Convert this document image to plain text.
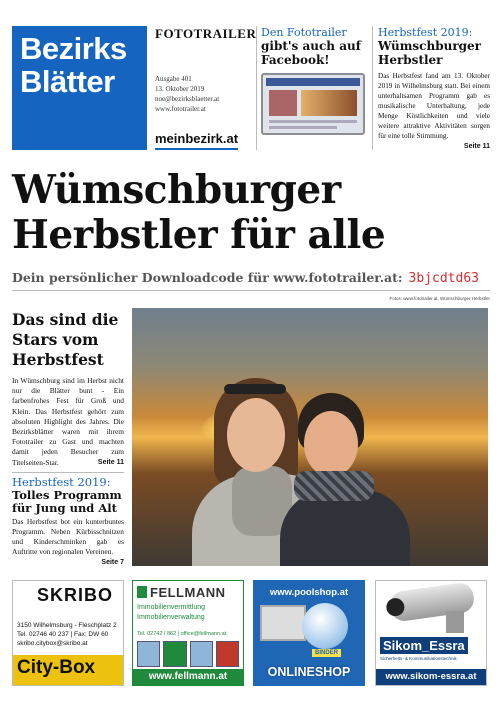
Bezirks
Blätter
FOTOTRAILER
Ausgabe 401
13. Oktober 2019
noe@bezirksblaetter.at
www.fototrailer.at
meinbezirk.at
Den Fototrailer
gibt's auch auf Facebook!
Herbstfest 2019:
Wümschburger Herbstler
Das Herbstfest fand am 13. Oktober 2019 in Wilhelmsburg statt. Bei einem unterhaltsamen Programm gab es musikalische Unterhaltung, jede Menge Köstlichkeiten und viele weitere attraktive Aktivitäten sorgen für eine tolle Stimmung.
Seite 11
Wümschburger
Herbstler für alle
Dein persönlicher Downloadcode für www.fototrailer.at: 3bjcdtd63
Fotos: www.fototrailer.at, Wümschburger Herbstler
Das sind die Stars vom Herbstfest

In Wümschburg sind im Herbst nicht nur die Blätter bunt - Ein farbenfrohes Fest für Groß und Klein. Das Herbstfest gehört zum absoluten Highlight des Jahres. Die Bezirksblätter waren mit ihrem Fototrailer zu Gast und machten damit jeden Besucher zum Titelseiten-Star.	Seite 11

Herbstfest 2019:
Tolles Programm für Jung und Alt

Das Herbstfest bot ein kunterbuntes Programm. Neben Kürbisschnitzen und Kinderschminken gab es Auftritte von regionalen Vereinen.
Seite 7

SKRIBO
3150 Wilhelmsburg - Fleschplatz 2
Tel. 02746 40 237 | Fax: DW 60
skribo.citybox@skribo.at
City-Box
FELLMANN
Immobilienvermittlung
Immobilienverwaltung
Tel. 02742 / 862 | office@fellmann.at
www.fellmann.at
www.poolshop.at
BINDER
ONLINESHOP
Sikom_Essra
Sicherheits- & Kommunikationstechnik
www.sikom-essra.at
